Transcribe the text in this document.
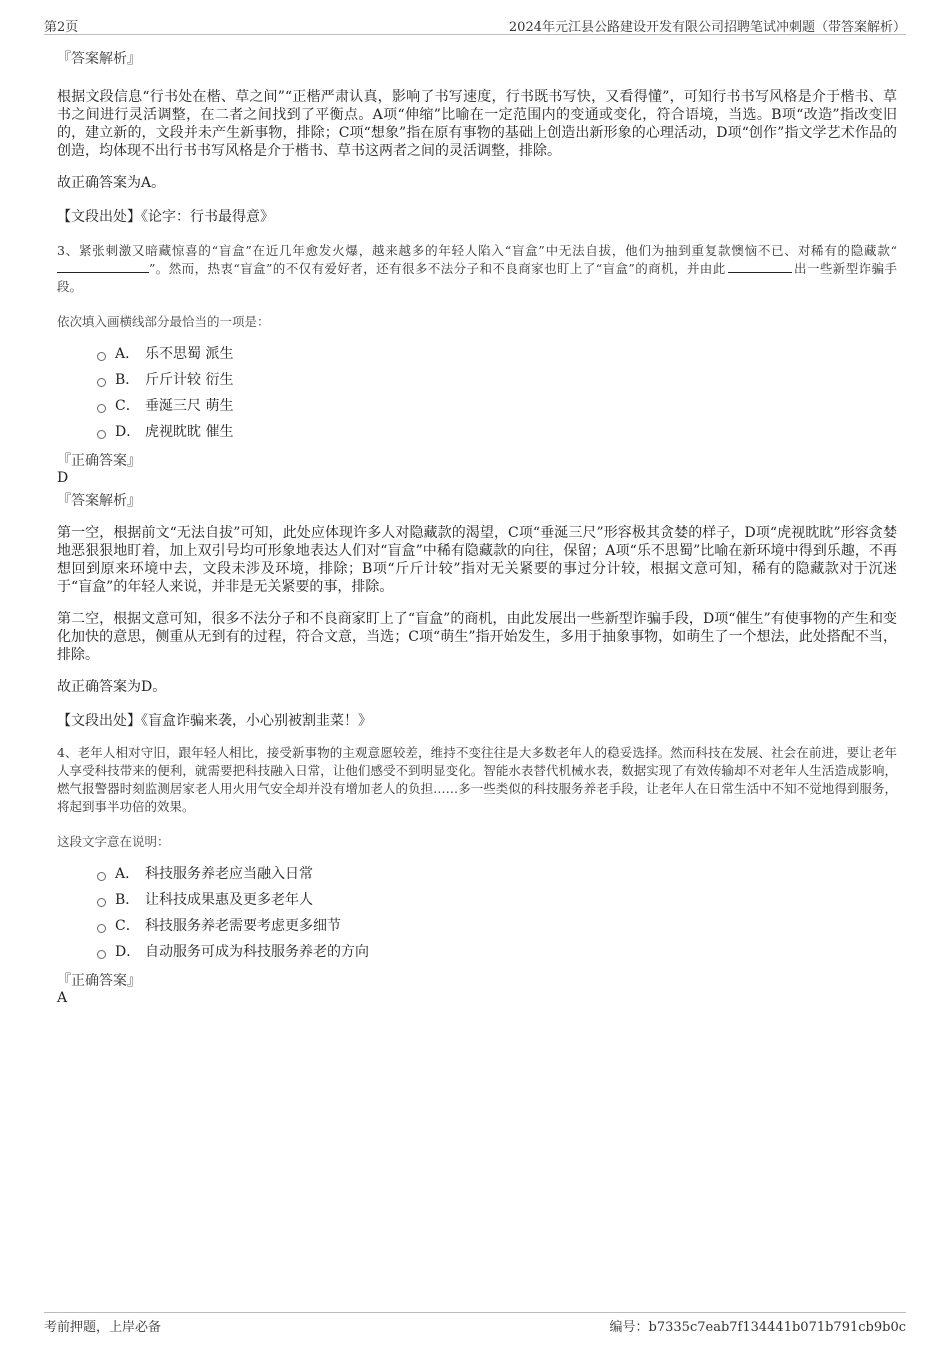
第2页	2024年元江县公路建设开发有限公司招聘笔试冲刺题（带答案解析）
『答案解析』
根据文段信息“行书处在楷、草之间”“正楷严肃认真，影响了书写速度，行书既书写快，又看得懂”，可知行书书写风格是介于楷书、草书之间进行灵活调整，在二者之间找到了平衡点。A项“伸缩”比喻在一定范围内的变通或变化，符合语境，当选。B项“改造”指改变旧的，建立新的，文段并未产生新事物，排除；C项“想象”指在原有事物的基础上创造出新形象的心理活动，D项“创作”指文学艺术作品的创造，均体现不出行书书写风格是介于楷书、草书这两者之间的灵活调整，排除。
故正确答案为A。
【文段出处】《论字：行书最得意》
3、紧张刺激又暗藏惊喜的“盲盒”在近几年愈发火爆，越来越多的年轻人陷入“盲盒”中无法自拔，他们为抽到重复款懊恼不已、对稀有的隐藏款“”。然而，热衷“盲盒”的不仅有爱好者，还有很多不法分子和不良商家也盯上了“盲盒”的商机，并由此	出一些新型诈骗手段。
依次填入画横线部分最恰当的一项是：
A． 乐不思蜀 派生
B． 斤斤计较 衍生
C． 垂涎三尺 萌生
D． 虎视眈眈 催生
『正确答案』
D
『答案解析』
第一空，根据前文“无法自拔”可知，此处应体现许多人对隐藏款的渴望，C项“垂涎三尺”形容极其贪婪的样子，D项“虎视眈眈”形容贪婪地恶狠狠地盯着，加上双引号均可形象地表达人们对“盲盒”中稀有隐藏款的向往，保留；A项“乐不思蜀”比喻在新环境中得到乐趣，不再想回到原来环境中去，文段未涉及环境，排除；B项“斤斤计较”指对无关紧要的事过分计较，根据文意可知，稀有的隐藏款对于沉迷于“盲盒”的年轻人来说，并非是无关紧要的事，排除。
第二空，根据文意可知，很多不法分子和不良商家盯上了“盲盒”的商机，由此发展出一些新型诈骗手段，D项“催生”有使事物的产生和变化加快的意思，侧重从无到有的过程，符合文意，当选；C项“萌生”指开始发生，多用于抽象事物，如萌生了一个想法，此处搭配不当，排除。
故正确答案为D。
【文段出处】《盲盒诈骗来袭，小心别被割韭菜！》
4、老年人相对守旧，跟年轻人相比，接受新事物的主观意愿较差，维持不变往往是大多数老年人的稳妥选择。然而科技在发展、社会在前进，要让老年人享受科技带来的便利，就需要把科技融入日常，让他们感受不到明显变化。智能水表替代机械水表，数据实现了有效传输却不对老年人生活造成影响，燃气报警器时刻监测居家老人用火用气安全却并没有增加老人的负担……多一些类似的科技服务养老手段，让老年人在日常生活中不知不觉地得到服务，将起到事半功倍的效果。
这段文字意在说明：
A． 科技服务养老应当融入日常
B． 让科技成果惠及更多老年人
C． 科技服务养老需要考虑更多细节
D． 自动服务可成为科技服务养老的方向
『正确答案』
A
考前押题，上岸必备	编号：b7335c7eab7f134441b071b791cb9b0c
